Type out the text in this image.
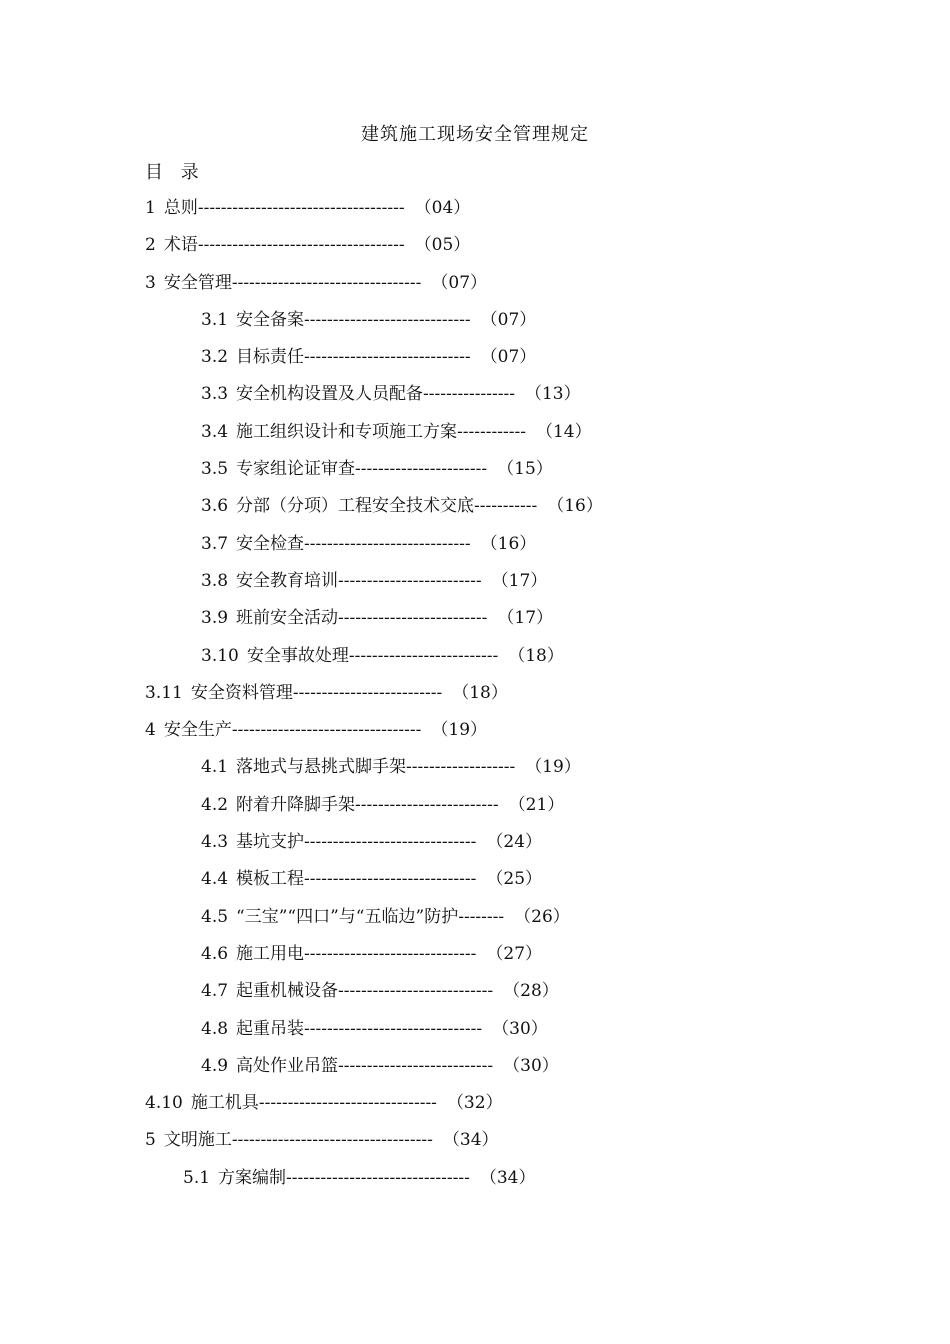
建筑施工现场安全管理规定
目 录
1 总则------------------------------------ （04）
2 术语------------------------------------ （05）
3 安全管理--------------------------------- （07）
3.1 安全备案----------------------------- （07）
3.2 目标责任----------------------------- （07）
3.3 安全机构设置及人员配备---------------- （13）
3.4 施工组织设计和专项施工方案------------ （14）
3.5 专家组论证审查----------------------- （15）
3.6 分部（分项）工程安全技术交底----------- （16）
3.7 安全检查----------------------------- （16）
3.8 安全教育培训------------------------- （17）
3.9 班前安全活动-------------------------- （17）
3.10 安全事故处理-------------------------- （18）
3.11 安全资料管理-------------------------- （18）
4 安全生产--------------------------------- （19）
4.1 落地式与悬挑式脚手架------------------- （19）
4.2 附着升降脚手架------------------------- （21）
4.3 基坑支护------------------------------ （24）
4.4 模板工程------------------------------ （25）
4.5 “三宝”“四口”与“五临边”防护-------- （26）
4.6 施工用电------------------------------ （27）
4.7 起重机械设备--------------------------- （28）
4.8 起重吊装------------------------------- （30）
4.9 高处作业吊篮--------------------------- （30）
4.10 施工机具------------------------------- （32）
5 文明施工----------------------------------- （34）
5.1 方案编制-------------------------------- （34）
